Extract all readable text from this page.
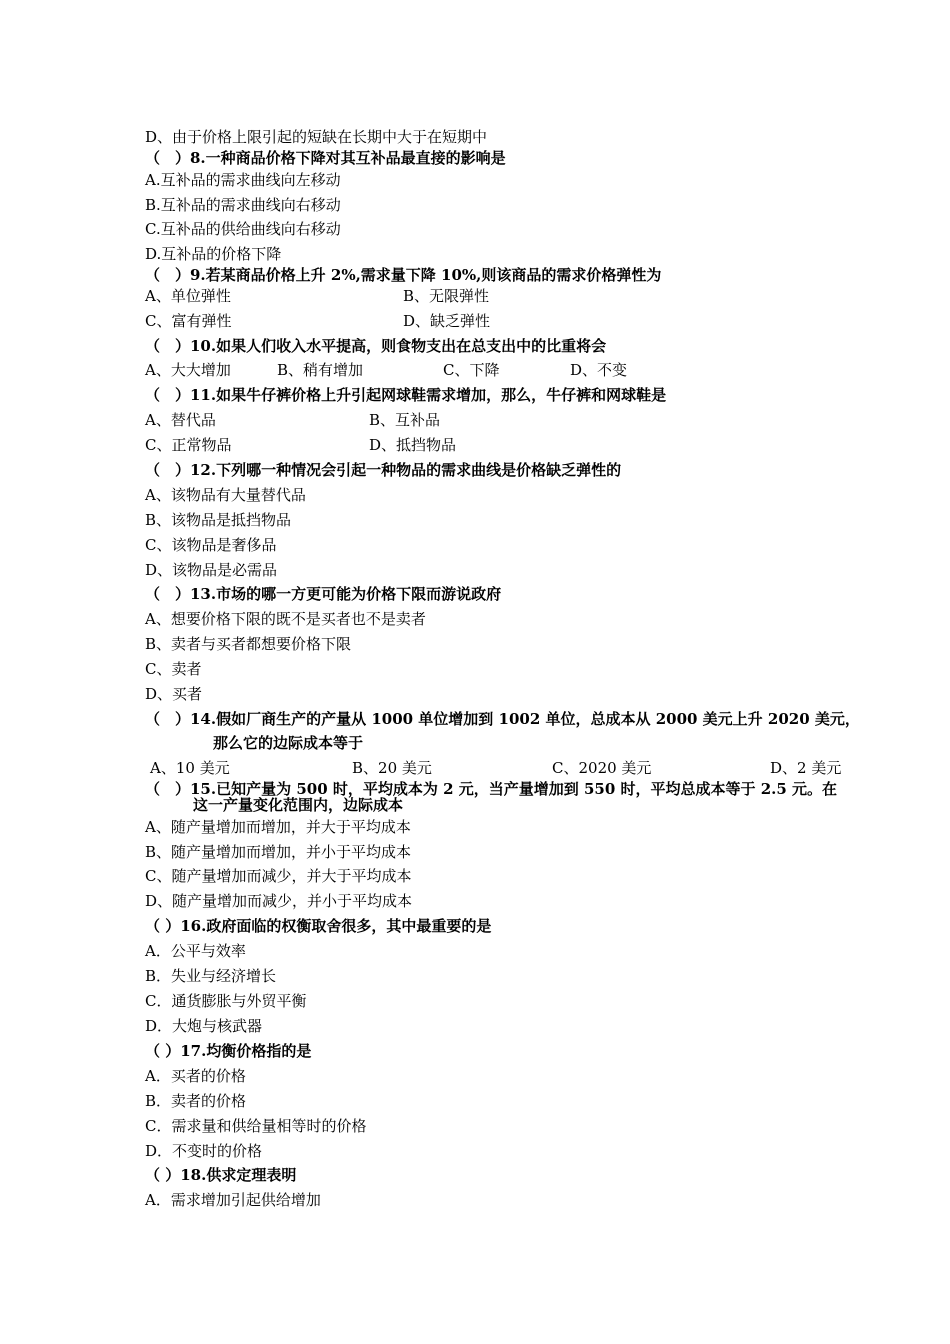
D、由于价格上限引起的短缺在长期中大于在短期中
（　）8.一种商品价格下降对其互补品最直接的影响是
A.互补品的需求曲线向左移动
B.互补品的需求曲线向右移动
C.互补品的供给曲线向右移动
D.互补品的价格下降
（　）9.若某商品价格上升 2%,需求量下降 10%,则该商品的需求价格弹性为
A、单位弹性	B、无限弹性
C、富有弹性	D、缺乏弹性
（　）10.如果人们收入水平提高，则食物支出在总支出中的比重将会
A、大大增加	B、稍有增加	C、下降	D、不变
（　）11.如果牛仔裤价格上升引起网球鞋需求增加，那么，牛仔裤和网球鞋是
A、替代品	B、互补品
C、正常物品	D、抵挡物品
（　）12.下列哪一种情况会引起一种物品的需求曲线是价格缺乏弹性的
A、该物品有大量替代品
B、该物品是抵挡物品
C、该物品是奢侈品
D、该物品是必需品
（　）13.市场的哪一方更可能为价格下限而游说政府
A、想要价格下限的既不是买者也不是卖者
B、卖者与买者都想要价格下限
C、卖者
D、买者
（　）14.假如厂商生产的产量从 1000 单位增加到 1002 单位，总成本从 2000 美元上升 2020 美元，
那么它的边际成本等于
A、10 美元	B、20 美元	C、2020 美元	D、2 美元
（　）15.已知产量为 500 时，平均成本为 2 元，当产量增加到 550 时，平均总成本等于 2.5 元。在
这一产量变化范围内，边际成本
A、随产量增加而增加，并大于平均成本
B、随产量增加而增加，并小于平均成本
C、随产量增加而减少，并大于平均成本
D、随产量增加而减少，并小于平均成本
（ ）16.政府面临的权衡取舍很多，其中最重要的是
A．公平与效率
B．失业与经济增长
C．通货膨胀与外贸平衡
D．大炮与核武器
（ ）17.均衡价格指的是
A．买者的价格
B．卖者的价格
C．需求量和供给量相等时的价格
D．不变时的价格
（ ）18.供求定理表明
A．需求增加引起供给增加
